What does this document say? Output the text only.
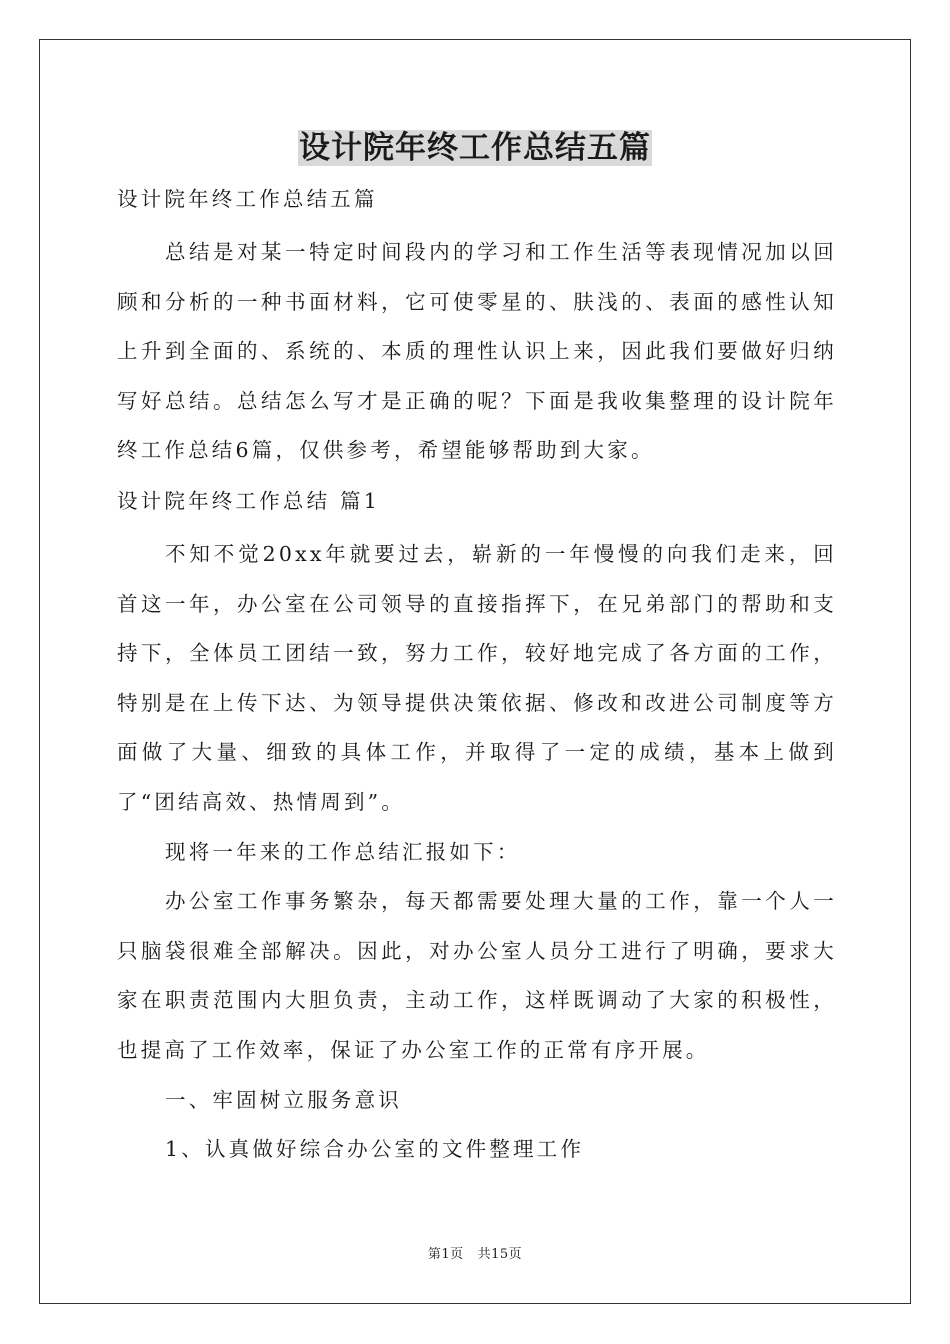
设计院年终工作总结五篇
设计院年终工作总结五篇

总结是对某一特定时间段内的学习和工作生活等表现情况加以回顾和分析的一种书面材料，它可使零星的、肤浅的、表面的感性认知上升到全面的、系统的、本质的理性认识上来，因此我们要做好归纳写好总结。总结怎么写才是正确的呢？下面是我收集整理的设计院年终工作总结6篇，仅供参考，希望能够帮助到大家。

设计院年终工作总结 篇1

不知不觉20xx年就要过去，崭新的一年慢慢的向我们走来，回首这一年，办公室在公司领导的直接指挥下，在兄弟部门的帮助和支持下，全体员工团结一致，努力工作，较好地完成了各方面的工作，特别是在上传下达、为领导提供决策依据、修改和改进公司制度等方面做了大量、细致的具体工作，并取得了一定的成绩，基本上做到了“团结高效、热情周到”。

现将一年来的工作总结汇报如下：

办公室工作事务繁杂，每天都需要处理大量的工作，靠一个人一只脑袋很难全部解决。因此，对办公室人员分工进行了明确，要求大家在职责范围内大胆负责，主动工作，这样既调动了大家的积极性，也提高了工作效率，保证了办公室工作的正常有序开展。

一、牢固树立服务意识

1、认真做好综合办公室的文件整理工作

第1页 共15页
